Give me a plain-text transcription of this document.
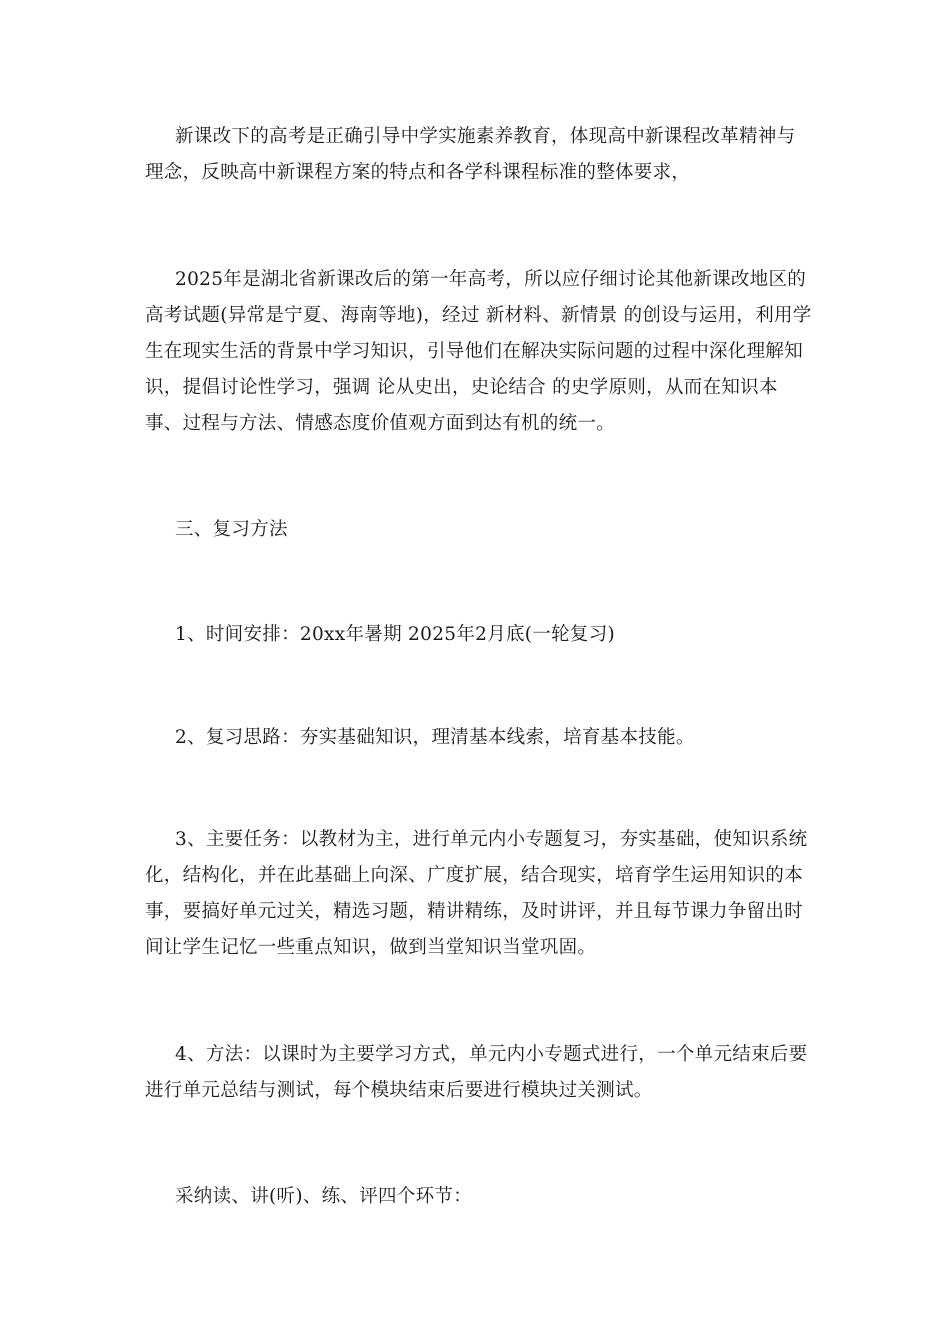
新课改下的高考是正确引导中学实施素养教育，体现高中新课程改革精神与理念，反映高中新课程方案的特点和各学科课程标准的整体要求，

2025年是湖北省新课改后的第一年高考，所以应仔细讨论其他新课改地区的高考试题(异常是宁夏、海南等地)，经过 新材料、新情景 的创设与运用，利用学生在现实生活的背景中学习知识，引导他们在解决实际问题的过程中深化理解知识，提倡讨论性学习，强调 论从史出，史论结合 的史学原则，从而在知识本事、过程与方法、情感态度价值观方面到达有机的统一。

三、复习方法

1、时间安排：20xx年暑期 2025年2月底(一轮复习)

2、复习思路：夯实基础知识，理清基本线索，培育基本技能。

3、主要任务：以教材为主，进行单元内小专题复习，夯实基础，使知识系统化，结构化，并在此基础上向深、广度扩展，结合现实，培育学生运用知识的本事，要搞好单元过关，精选习题，精讲精练，及时讲评，并且每节课力争留出时间让学生记忆一些重点知识，做到当堂知识当堂巩固。

4、方法：以课时为主要学习方式，单元内小专题式进行，一个单元结束后要进行单元总结与测试，每个模块结束后要进行模块过关测试。

采纳读、讲(听)、练、评四个环节：
